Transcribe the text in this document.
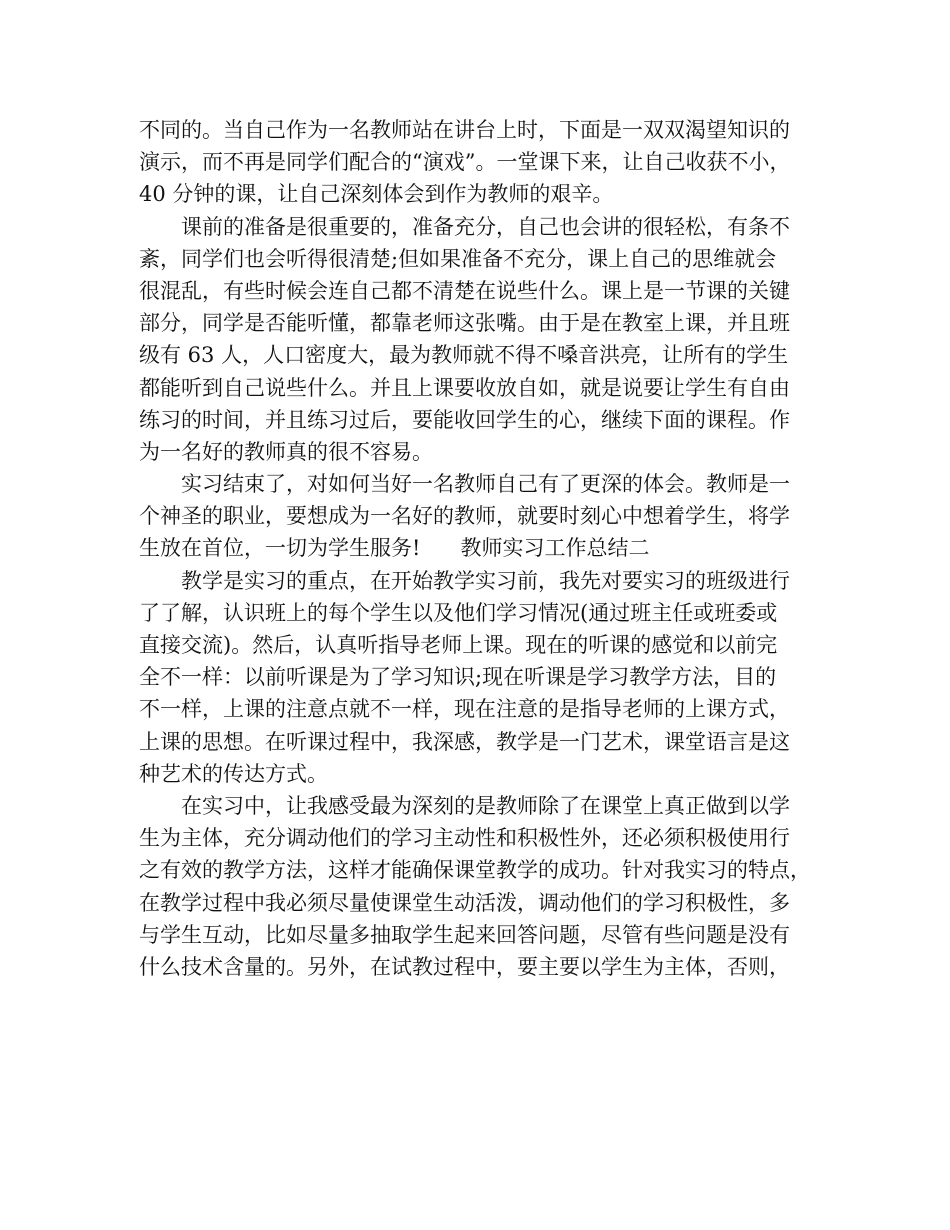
不同的。当自己作为一名教师站在讲台上时，下面是一双双渴望知识的
演示，而不再是同学们配合的“演戏”。一堂课下来，让自己收获不小，
40 分钟的课，让自己深刻体会到作为教师的艰辛。
　　课前的准备是很重要的，准备充分，自己也会讲的很轻松，有条不
紊，同学们也会听得很清楚;但如果准备不充分，课上自己的思维就会
很混乱，有些时候会连自己都不清楚在说些什么。课上是一节课的关键
部分，同学是否能听懂，都靠老师这张嘴。由于是在教室上课，并且班
级有 63 人，人口密度大，最为教师就不得不嗓音洪亮，让所有的学生
都能听到自己说些什么。并且上课要收放自如，就是说要让学生有自由
练习的时间，并且练习过后，要能收回学生的心，继续下面的课程。作
为一名好的教师真的很不容易。
　　实习结束了，对如何当好一名教师自己有了更深的体会。教师是一
个神圣的职业，要想成为一名好的教师，就要时刻心中想着学生，将学
生放在首位，一切为学生服务! 教师实习工作总结二
　　教学是实习的重点，在开始教学实习前，我先对要实习的班级进行
了了解，认识班上的每个学生以及他们学习情况(通过班主任或班委或
直接交流)。然后，认真听指导老师上课。现在的听课的感觉和以前完
全不一样：以前听课是为了学习知识;现在听课是学习教学方法，目的
不一样，上课的注意点就不一样，现在注意的是指导老师的上课方式，
上课的思想。在听课过程中，我深感，教学是一门艺术，课堂语言是这
种艺术的传达方式。
　　在实习中，让我感受最为深刻的是教师除了在课堂上真正做到以学
生为主体，充分调动他们的学习主动性和积极性外，还必须积极使用行
之有效的教学方法，这样才能确保课堂教学的成功。针对我实习的特点，
在教学过程中我必须尽量使课堂生动活泼，调动他们的学习积极性，多
与学生互动，比如尽量多抽取学生起来回答问题，尽管有些问题是没有
什么技术含量的。另外，在试教过程中，要主要以学生为主体，否则，
